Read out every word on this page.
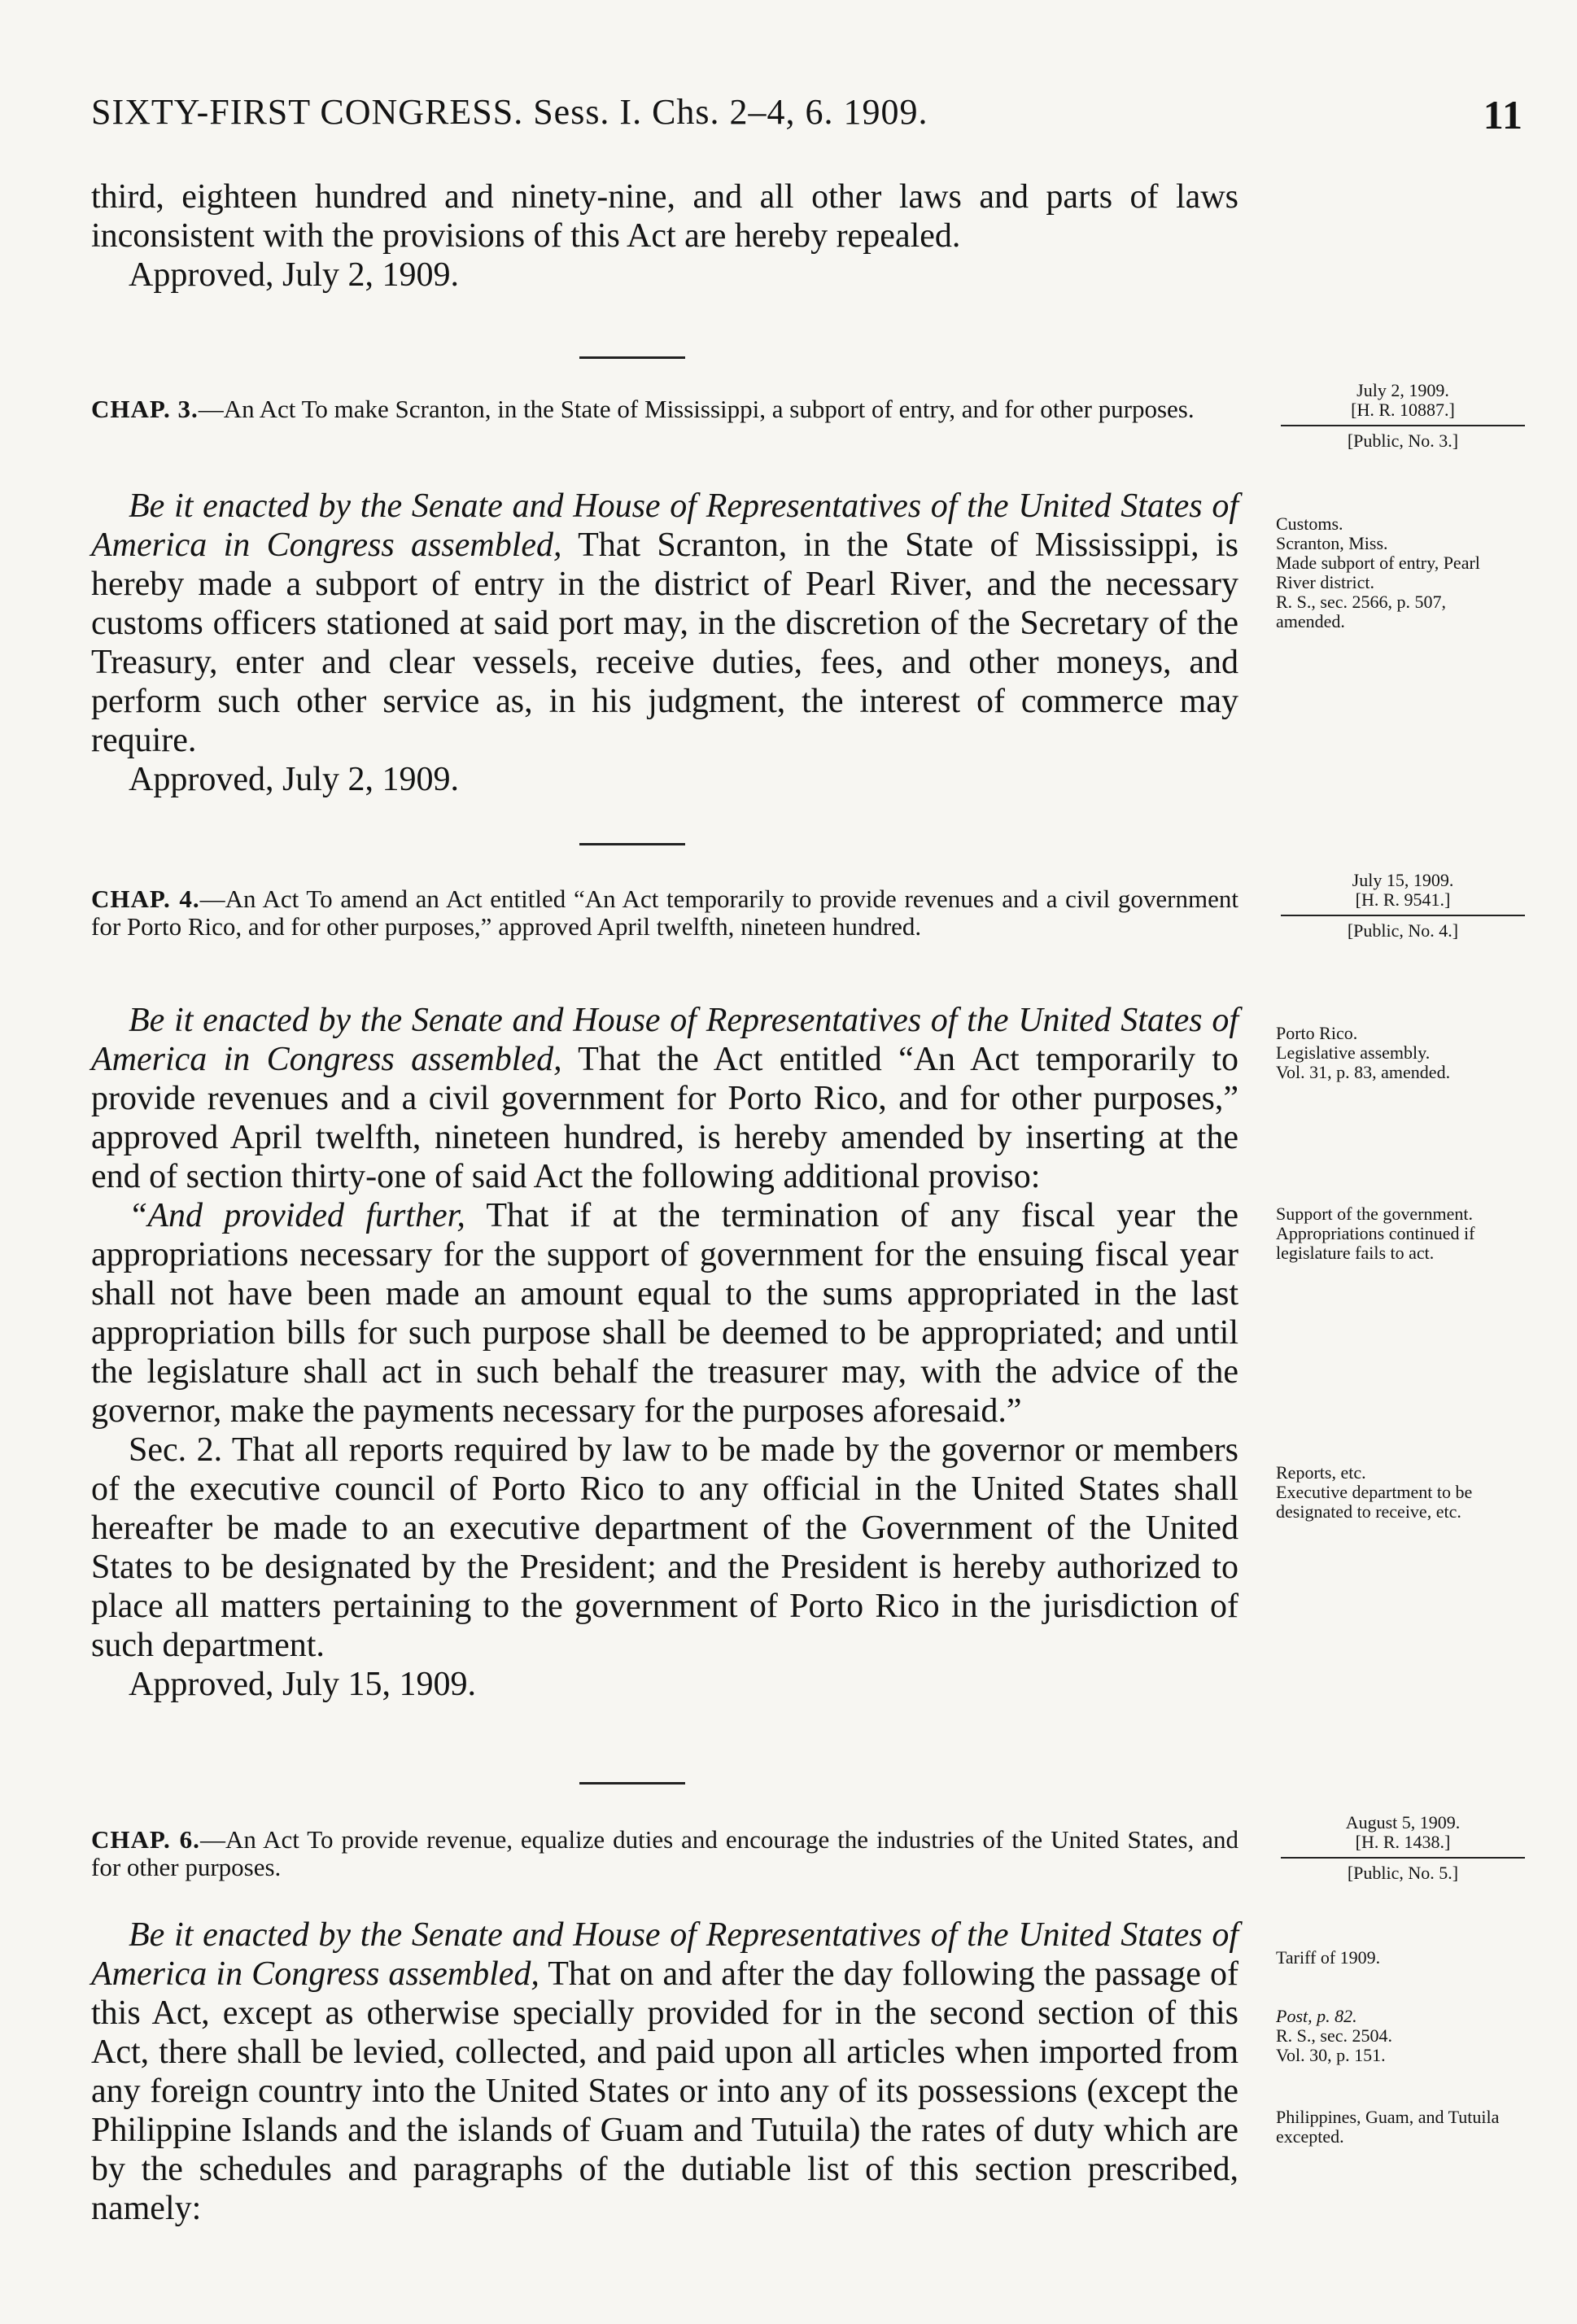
SIXTY-FIRST CONGRESS. Sess. I. Chs. 2–4, 6. 1909.	11

third, eighteen hundred and ninety-nine, and all other laws and parts of laws inconsistent with the provisions of this Act are hereby repealed.

Approved, July 2, 1909.

CHAP. 3.—An Act To make Scranton, in the State of Mississippi, a subport of entry, and for other purposes.
July 2, 1909.
[H. R. 10887.]
[Public, No. 3.]

Be it enacted by the Senate and House of Representatives of the United States of America in Congress assembled, That Scranton, in the State of Mississippi, is hereby made a subport of entry in the district of Pearl River, and the necessary customs officers stationed at said port may, in the discretion of the Secretary of the Treasury, enter and clear vessels, receive duties, fees, and other moneys, and perform such other service as, in his judgment, the interest of commerce may require.

Approved, July 2, 1909.

Customs.
Scranton, Miss.
Made subport of entry, Pearl River district.
R. S., sec. 2566, p. 507, amended.
CHAP. 4.—An Act To amend an Act entitled “An Act temporarily to provide revenues and a civil government for Porto Rico, and for other purposes,” approved April twelfth, nineteen hundred.
July 15, 1909.
[H. R. 9541.]
[Public, No. 4.]

Be it enacted by the Senate and House of Representatives of the United States of America in Congress assembled, That the Act entitled “An Act temporarily to provide revenues and a civil government for Porto Rico, and for other purposes,” approved April twelfth, nineteen hundred, is hereby amended by inserting at the end of section thirty-one of said Act the following additional proviso:

“And provided further, That if at the termination of any fiscal year the appropriations necessary for the support of government for the ensuing fiscal year shall not have been made an amount equal to the sums appropriated in the last appropriation bills for such purpose shall be deemed to be appropriated; and until the legislature shall act in such behalf the treasurer may, with the advice of the governor, make the payments necessary for the purposes aforesaid.”

Sec. 2. That all reports required by law to be made by the governor or members of the executive council of Porto Rico to any official in the United States shall hereafter be made to an executive department of the Government of the United States to be designated by the President; and the President is hereby authorized to place all matters pertaining to the government of Porto Rico in the jurisdiction of such department.

Approved, July 15, 1909.

Porto Rico.
Legislative assembly.
Vol. 31, p. 83, amended.
Support of the government.
Appropriations continued if legislature fails to act.
Reports, etc.
Executive department to be designated to receive, etc.
CHAP. 6.—An Act To provide revenue, equalize duties and encourage the industries of the United States, and for other purposes.
August 5, 1909.
[H. R. 1438.]
[Public, No. 5.]

Be it enacted by the Senate and House of Representatives of the United States of America in Congress assembled, That on and after the day following the passage of this Act, except as otherwise specially provided for in the second section of this Act, there shall be levied, collected, and paid upon all articles when imported from any foreign country into the United States or into any of its possessions (except the Philippine Islands and the islands of Guam and Tutuila) the rates of duty which are by the schedules and paragraphs of the dutiable list of this section prescribed, namely:

Tariff of 1909.
Post, p. 82.
R. S., sec. 2504.
Vol. 30, p. 151.
Philippines, Guam, and Tutuila excepted.
